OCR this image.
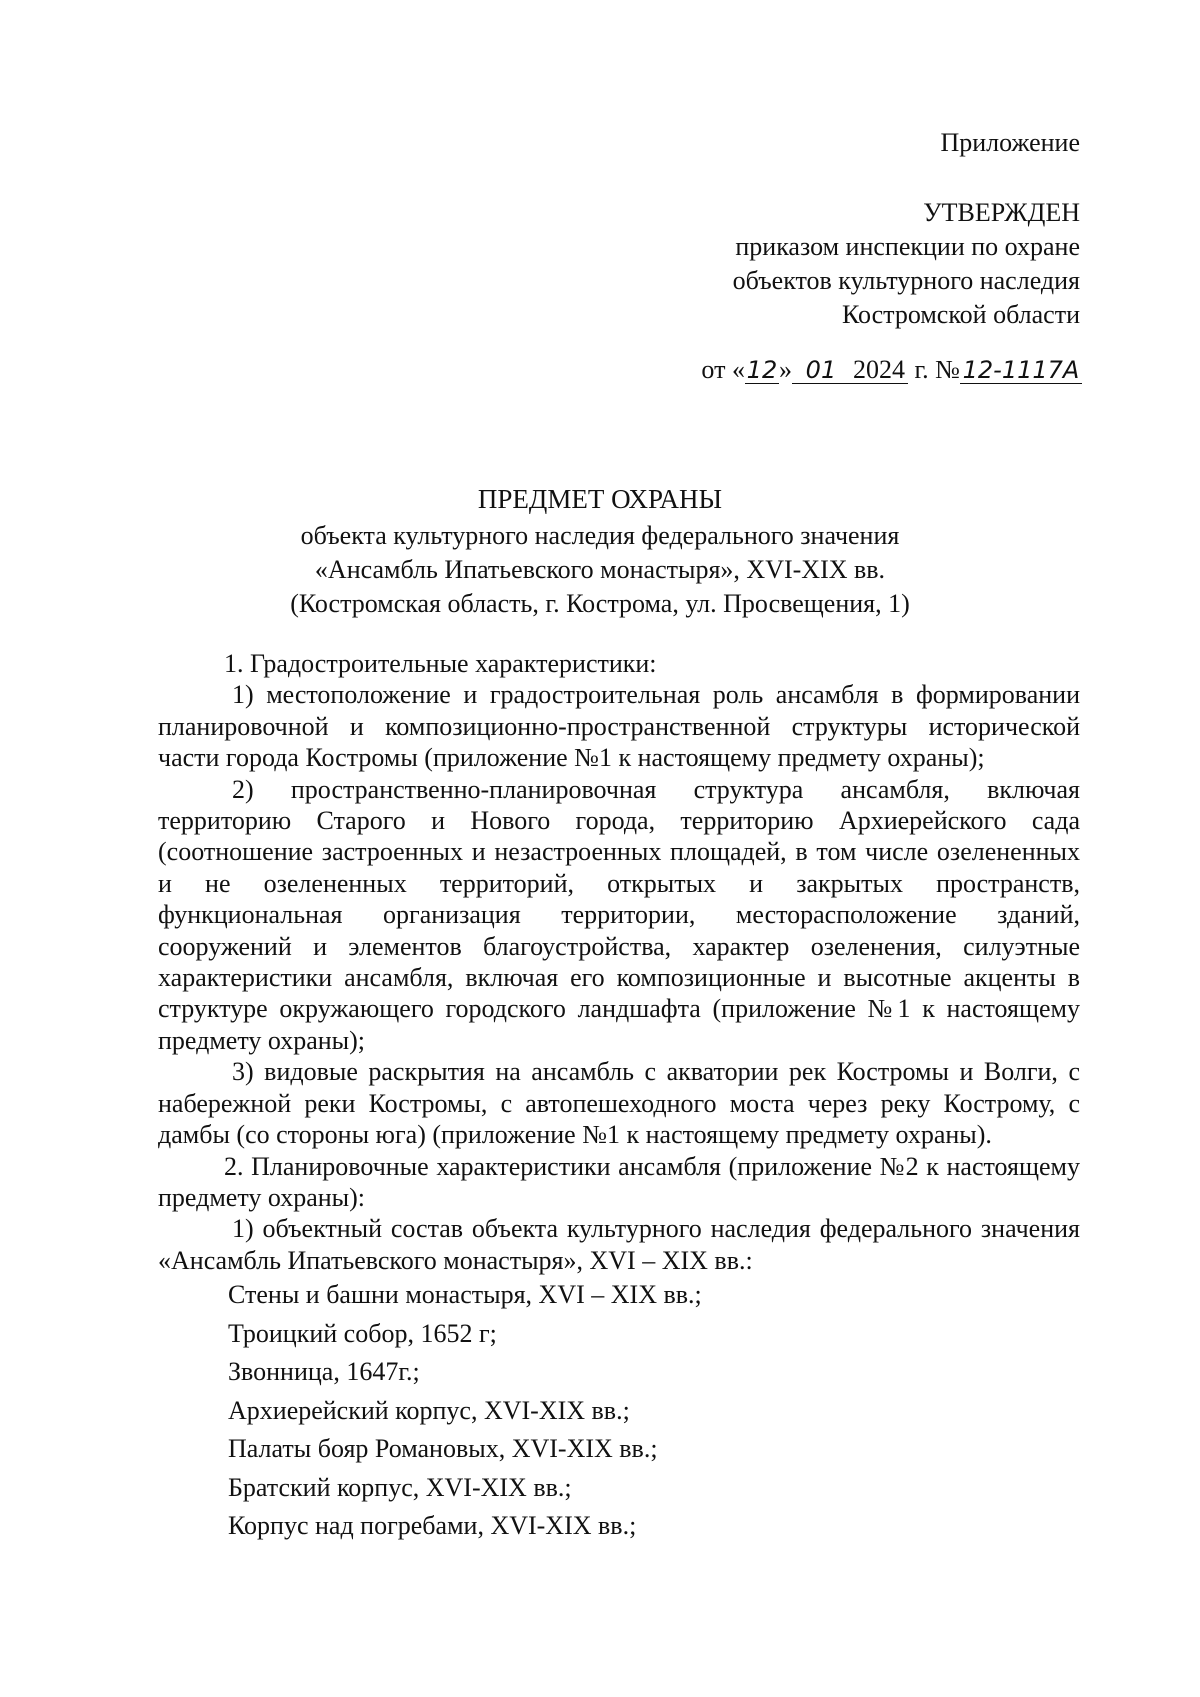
Приложение
УТВЕРЖДЕН
приказом инспекции по охране
объектов культурного наследия
Костромской области
от «12» 01 2024 г. № 12-1117А
ПРЕДМЕТ ОХРАНЫ
объекта культурного наследия федерального значения
«Ансамбль Ипатьевского монастыря», XVI-XIX вв.
(Костромская область, г. Кострома, ул. Просвещения, 1)

1. Градостроительные характеристики:

1) местоположение и градостроительная роль ансамбля в формировании планировочной и композиционно-пространственной структуры исторической части города Костромы (приложение №1 к настоящему предмету охраны);

2) пространственно-планировочная структура ансамбля, включая территорию Старого и Нового города, территорию Архиерейского сада (соотношение застроенных и незастроенных площадей, в том числе озелененных и не озелененных территорий, открытых и закрытых пространств, функциональная организация территории, месторасположение зданий, сооружений и элементов благоустройства, характер озеленения, силуэтные характеристики ансамбля, включая его композиционные и высотные акценты в структуре окружающего городского ландшафта (приложение №1 к настоящему предмету охраны);

3) видовые раскрытия на ансамбль с акватории рек Костромы и Волги, с набережной реки Костромы, с автопешеходного моста через реку Кострому, с дамбы (со стороны юга) (приложение №1 к настоящему предмету охраны).

2. Планировочные характеристики ансамбля (приложение №2 к настоящему предмету охраны):

1) объектный состав объекта культурного наследия федерального значения «Ансамбль Ипатьевского монастыря», XVI – XIX вв.:

Стены и башни монастыря, XVI – XIX вв.;

Троицкий собор, 1652 г;

Звонница, 1647г.;

Архиерейский корпус, XVI-XIX вв.;

Палаты бояр Романовых, XVI-XIX вв.;

Братский корпус, XVI-XIX вв.;

Корпус над погребами, XVI-XIX вв.;
